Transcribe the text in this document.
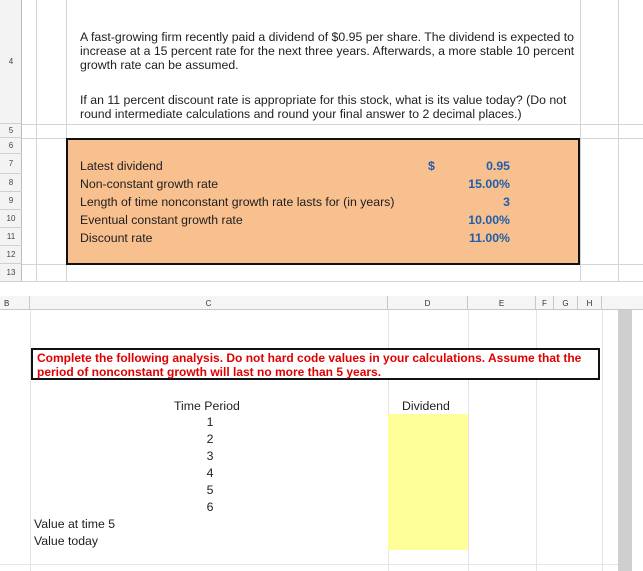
4
5
6
7
8
9
10
11
12
13
A fast-growing firm recently paid a dividend of $0.95 per share. The dividend is expected to
increase at a 15 percent rate for the next three years. Afterwards, a more stable 10 percent
growth rate can be assumed.
If an 11 percent discount rate is appropriate for this stock, what is its value today? (Do not
round intermediate calculations and round your final answer to 2 decimal places.)
Latest dividend	$	0.95
Non-constant growth rate	15.00%
Length of time nonconstant growth rate lasts for (in years)	3
Eventual constant growth rate	10.00%
Discount rate	11.00%
B	C	D	E	F	G	H
Complete the following analysis. Do not hard code values in your calculations. Assume that the period of nonconstant growth will last no more than 5 years.
Time Period	Dividend
1
2
3
4
5
6
Value at time 5
Value today
